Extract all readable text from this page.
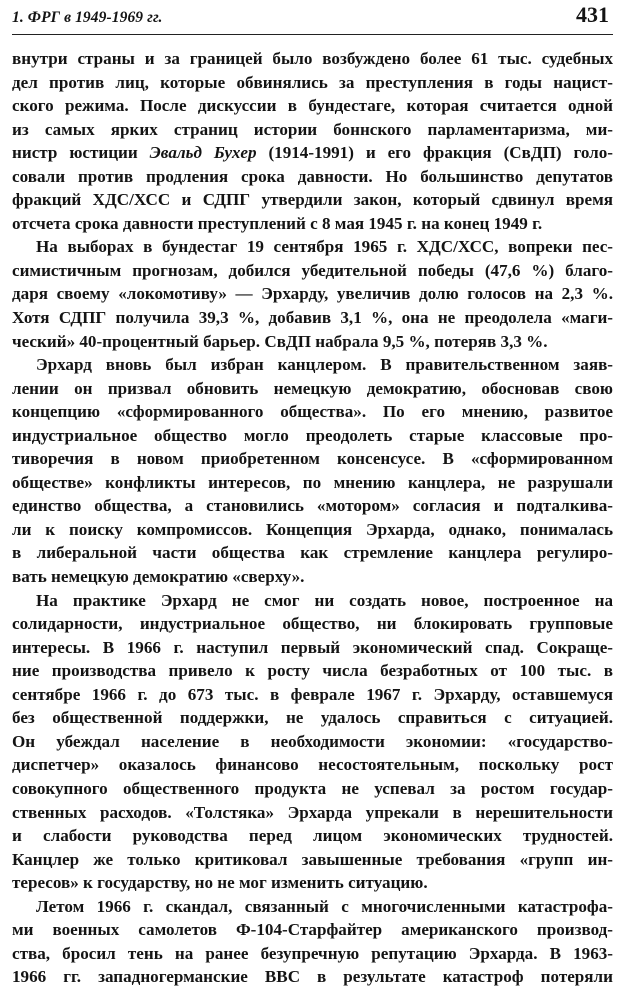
1. ФРГ в 1949-1969 гг.	431
внутри страны и за границей было возбуждено более 61 тыс. судебных
дел против лиц, которые обвинялись за преступления в годы нацист-
ского режима. После дискуссии в бундестаге, которая считается одной
из самых ярких страниц истории боннского парламентаризма, ми-
нистр юстиции Эвальд Бухер (1914-1991) и его фракция (СвДП) голо-
совали против продления срока давности. Но большинство депутатов
фракций ХДС/ХСС и СДПГ утвердили закон, который сдвинул время
отсчета срока давности преступлений с 8 мая 1945 г. на конец 1949 г.
На выборах в бундестаг 19 сентября 1965 г. ХДС/ХСС, вопреки пес-
симистичным прогнозам, добился убедительной победы (47,6 %) благо-
даря своему «локомотиву» — Эрхарду, увеличив долю голосов на 2,3 %.
Хотя СДПГ получила 39,3 %, добавив 3,1 %, она не преодолела «маги-
ческий» 40-процентный барьер. СвДП набрала 9,5 %, потеряв 3,3 %.
Эрхард вновь был избран канцлером. В правительственном заяв-
лении он призвал обновить немецкую демократию, обосновав свою
концепцию «сформированного общества». По его мнению, развитое
индустриальное общество могло преодолеть старые классовые про-
тиворечия в новом приобретенном консенсусе. В «сформированном
обществе» конфликты интересов, по мнению канцлера, не разрушали
единство общества, а становились «мотором» согласия и подталкива-
ли к поиску компромиссов. Концепция Эрхарда, однако, понималась
в либеральной части общества как стремление канцлера регулиро-
вать немецкую демократию «сверху».
На практике Эрхард не смог ни создать новое, построенное на
солидарности, индустриальное общество, ни блокировать групповые
интересы. В 1966 г. наступил первый экономический спад. Сокраще-
ние производства привело к росту числа безработных от 100 тыс. в
сентябре 1966 г. до 673 тыс. в феврале 1967 г. Эрхарду, оставшемуся
без общественной поддержки, не удалось справиться с ситуацией.
Он убеждал население в необходимости экономии: «государство-
диспетчер» оказалось финансово несостоятельным, поскольку рост
совокупного общественного продукта не успевал за ростом государ-
ственных расходов. «Толстяка» Эрхарда упрекали в нерешительности
и слабости руководства перед лицом экономических трудностей.
Канцлер же только критиковал завышенные требования «групп ин-
тересов» к государству, но не мог изменить ситуацию.
Летом 1966 г. скандал, связанный с многочисленными катастрофа-
ми военных самолетов Ф-104-Старфайтер американского производ-
ства, бросил тень на ранее безупречную репутацию Эрхарда. В 1963-
1966 гг. западногерманские ВВС в результате катастроф потеряли
